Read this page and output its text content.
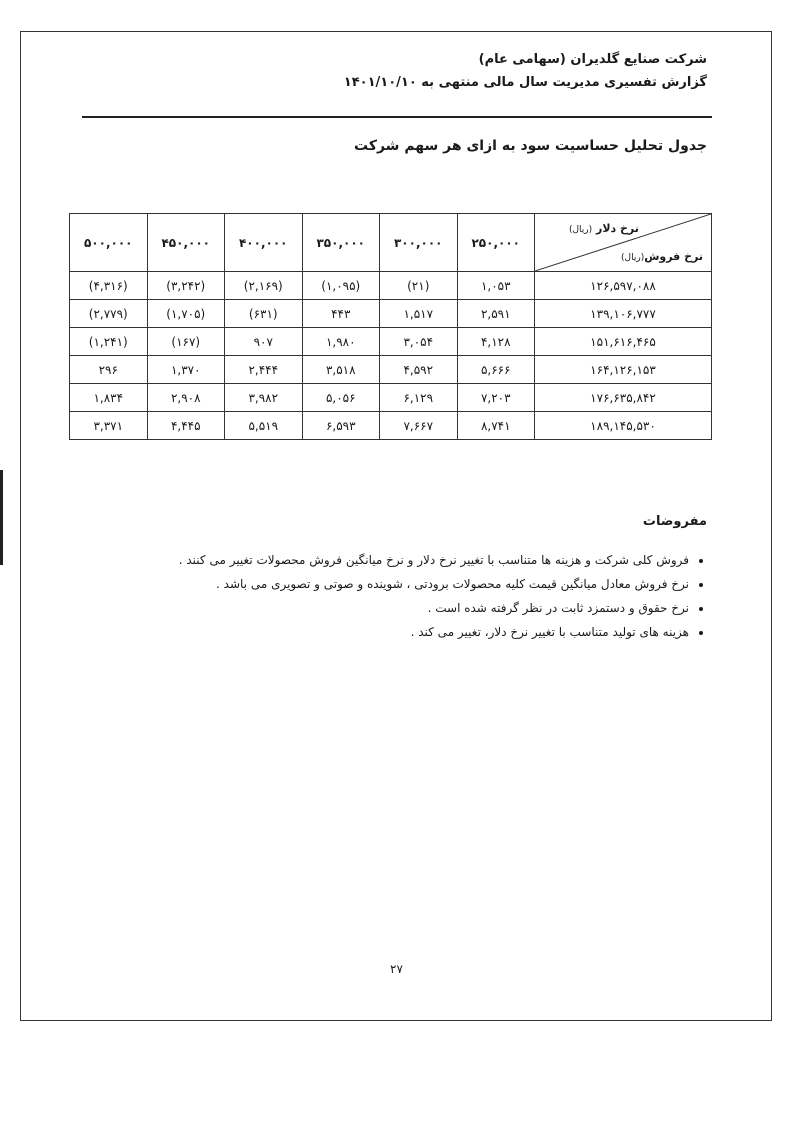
شرکت صنایع گلدیران (سهامی عام)
گزارش تفسیری مدیریت سال مالی منتهی به ۱۴۰۱/۱۰/۱۰
جدول تحلیل حساسیت سود به ازای هر سهم شرکت
نرخ دلار (ریال)
نرخ فروش(ریال)	۲۵۰,۰۰۰	۳۰۰,۰۰۰	۳۵۰,۰۰۰	۴۰۰,۰۰۰	۴۵۰,۰۰۰	۵۰۰,۰۰۰
۱۲۶,۵۹۷,۰۸۸	۱,۰۵۳	(۲۱)	(۱,۰۹۵)	(۲,۱۶۹)	(۳,۲۴۲)	(۴,۳۱۶)
۱۳۹,۱۰۶,۷۷۷	۲,۵۹۱	۱,۵۱۷	۴۴۳	(۶۳۱)	(۱,۷۰۵)	(۲,۷۷۹)
۱۵۱,۶۱۶,۴۶۵	۴,۱۲۸	۳,۰۵۴	۱,۹۸۰	۹۰۷	(۱۶۷)	(۱,۲۴۱)
۱۶۴,۱۲۶,۱۵۳	۵,۶۶۶	۴,۵۹۲	۳,۵۱۸	۲,۴۴۴	۱,۳۷۰	۲۹۶
۱۷۶,۶۳۵,۸۴۲	۷,۲۰۳	۶,۱۲۹	۵,۰۵۶	۳,۹۸۲	۲,۹۰۸	۱,۸۳۴
۱۸۹,۱۴۵,۵۳۰	۸,۷۴۱	۷,۶۶۷	۶,۵۹۳	۵,۵۱۹	۴,۴۴۵	۳,۳۷۱
مفروضات
• فروش کلی شرکت و هزینه ها متناسب با تغییر نرخ دلار و نرخ میانگین فروش محصولات تغییر می کنند .
• نرخ فروش معادل میانگین قیمت کلیه محصولات برودتی ، شوینده و صوتی و تصویری می باشد .
• نرخ حقوق و دستمزد ثابت در نظر گرفته شده است .
• هزینه های تولید متناسب با تغییر نرخ دلار، تغییر می کند .
۲۷
